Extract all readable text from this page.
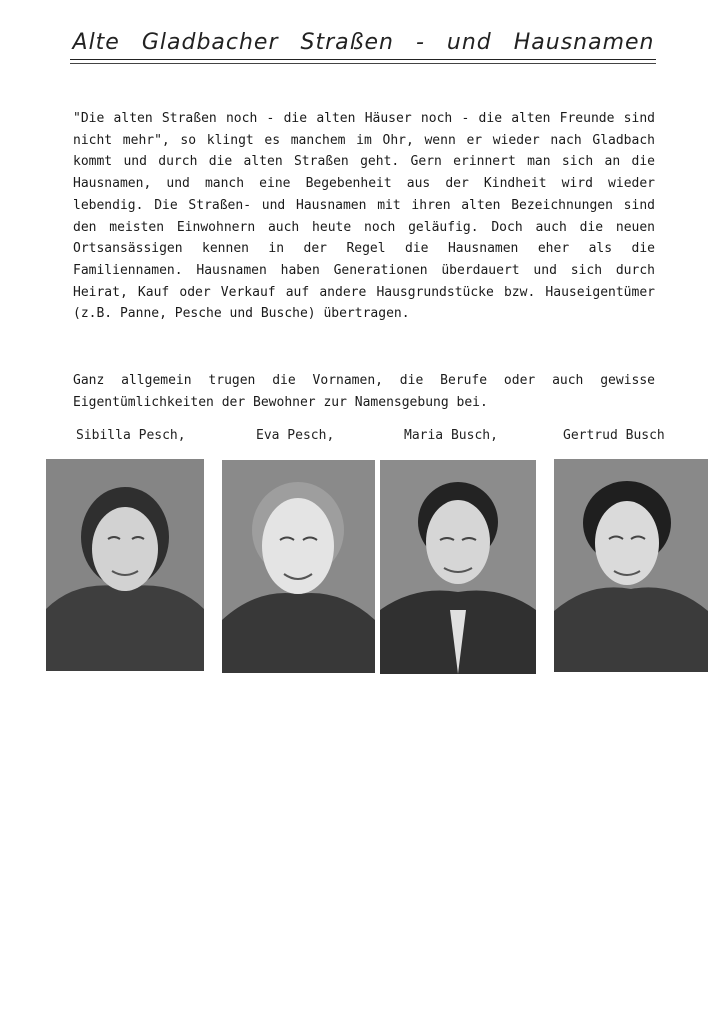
Alte Gladbacher Straßen - und Hausnamen

"Die alten Straßen noch - die alten Häuser noch - die alten Freunde sind nicht mehr", so klingt es manchem im Ohr, wenn er wieder nach Gladbach kommt und durch die alten Straßen geht. Gern erinnert man sich an die Hausnamen, und manch eine Begebenheit aus der Kindheit wird wieder lebendig. Die Straßen- und Hausnamen mit ihren alten Bezeichnungen sind den meisten Einwohnern auch heute noch geläufig. Doch auch die neuen Ortsansässigen kennen in der Regel die Hausnamen eher als die Familiennamen. Hausnamen haben Generationen überdauert und sich durch Heirat, Kauf oder Verkauf auf andere Hausgrundstücke bzw. Hauseigentümer (z.B. Panne, Pesche und Busche) übertragen.

Ganz allgemein trugen die Vornamen, die Berufe oder auch gewisse Eigentümlichkeiten der Bewohner zur Namensgebung bei.

Sibilla Pesch,	Eva Pesch,	Maria Busch,	Gertrud Busch
